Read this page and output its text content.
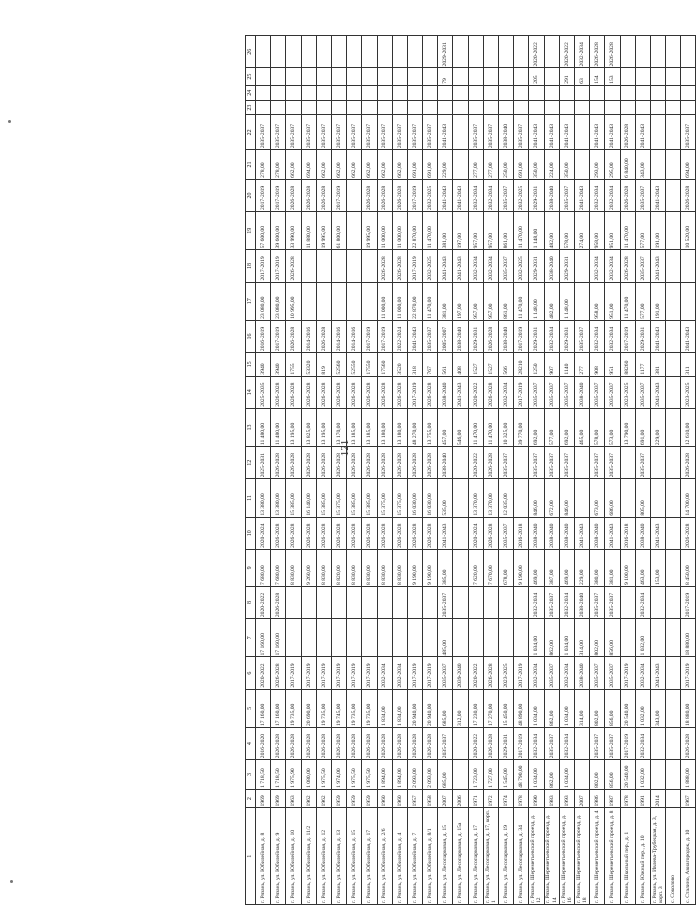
121
1	2	3	4	5	6	7	8	9	10	11	12	13	14	15	16	17	18	19	20	21	22	23	24	25	26
г. Рязань, ул. Юбилейная, д. 8	1969	1 718,50	2016-2020	17 160,00	2020-2022	17 160,00	2020-2022	7 680,00	2020-2024	13 380,00	2025-2031	11 480,00	2025-2035	3940	2016-2019	23 080,00	2017-2019	57 600,00	2017-2019	278,00	2035-2037				
г. Рязань, ул. Юбилейная, д. 9	1969	1 718,50	2026-2028	17 160,00	2026-2028	17 160,00	2026-2028	7 680,00	2026-2028	13 380,00	2026-2028	11 480,00	2026-2028	3940	2017-2019	23 080,00	2017-2019	39 600,00	2017-2019	278,00	2035-2037				
г. Рязань, ул. Юбилейная, д. 10	1963	1 975,90	2026-2028	19 735,00	2017-2019			8 830,00	2026-2028	15 385,00	2026-2028	13 195,00	2026-2028	1755	2026-2028	10 995,00	2026-2028	33 990,00	2026-2028	662,00	2035-2037				
г. Рязань, ул. Юбилейная, д. 11/2	1962	1 080,00	2026-2028	20 690,00	2017-2019			9 260,00	2026-2028	16 140,00	2026-2028	13 825,00	2026-2028	53320	2014-2016			11 880,00	2026-2028	694,00	2035-2037				
г. Рязань, ул. Юбилейная, д. 12	1962	1 975,50	2026-2028	19 735,00	2017-2019			8 830,00	2026-2028	15 385,00	2026-2028	13 195,00	2026-2028	819	2026-2028			19 995,00	2026-2028	662,00	2035-2037				
г. Рязань, ул. Юбилейная, д. 13	1959	1 974,00	2026-2028	19 745,00	2017-2019			8 820,00	2026-2028	15 375,00	2026-2028	13 170,00	2026-2028	52560	2014-2016			61 800,00	2017-2019	662,00	2035-2037				
г. Рязань, ул. Юбилейная, д. 15	1959	1 975,50	2026-2028	19 735,00	2017-2019			8 830,00	2026-2028	15 385,00	2026-2028	13 185,00	2026-2028	52550	2014-2016					662,00	2035-2037				
г. Рязань, ул. Юбилейная, д. 17	1959	1 975,50	2026-2028	19 735,00	2017-2019			8 830,00	2026-2028	15 385,00	2026-2028	13 185,00	2026-2028	17550	2017-2019			19 995,00	2026-2028	662,00	2035-2037				
г. Рязань, ул. Юбилейная, д. 2/6	1960	1 894,00	2026-2028	1 834,00	2032-2034			8 830,00	2026-2028	15 375,00	2026-2028	13 180,00	2026-2028	17560	2017-2019	11 000,00	2026-2028	11 000,00	2026-2028	662,00	2035-2037				
г. Рязань, ул. Юбилейная, д. 4	1960	1 894,00	2026-2028	1 834,00	2032-2034			8 830,00	2026-2028	15 375,00	2026-2028	13 180,00	2026-2028	3520	2022-2024	11 000,00	2026-2028	11 000,00	2026-2028	662,00	2035-2037				
г. Рязань, ул. Юбилейная, д. 7	1957	2 093,00	2026-2028	20 940,00	2017-2019			9 190,00	2026-2028	16 030,00	2026-2028	48 270,00	2017-2019	318	2041-2043	22 870,00	2017-2019	22 870,00	2017-2019	691,00	2035-2037				
г. Рязань, ул. Юбилейная, д. 8/1	1958	2 093,00	2026-2028	20 940,00	2017-2019			9 190,00	2026-2028	16 030,00	2026-2028	13 755,00	2026-2028	767	2035-2037	11 470,00	2032-2025	11 470,00	2032-2025	691,00	2035-2037				
г. Рязань, ул. Лесопарковая, д. 15	2007	685,00	2035-2037	685,00	2035-2037	485,00	2035-2037	385,00	2041-2043	535,00	2038-2040	457,00	2038-2040	561	2005-2007	381,00	2041-2043	381,00	2041-2043	229,00	2041-2043			79	2029-2031
г. Рязань, ул. Лесопарковая, д. 15а	2006			312,00	2039-2040							546,00	2041-2043	408	2038-2040	197,00	2041-2043	197,00	2041-2043						
г. Рязань, ул. Лесопарковая, д. 17	1971	1 723,00	2020-2022	17 230,00	2020-2022			7 620,00	2020-2024	13 370,00	2020-2022	11 470,00	2020-2022	1527	2029-2031	957,00	2032-2034	957,00	2032-2034	277,00	2035-2037				
г. Рязань, ул. Лесопарковая, д. 17, корп. 1	1972	1 727,00	2026-2028	17 270,00	2026-2028			7 670,00	2026-2028	13 370,00	2026-2028	11 470,00	2026-2028	1527	2026-2028	957,00	2032-2034	957,00	2032-2034	277,00	2035-2037				
г. Рязань, ул. Лесопарковая, д. 19	1974	1 545,00	2029-2031	15 450,00	2023-2025			678,00	2035-2037	12 035,00	2035-2037	10 325,00	2032-2034	566	2038-2040	861,00	2035-2037	861,00	2035-2037	250,00	2038-2040				
г. Рязань, ул. Лесопарковая, д. 34	1978	48 790,00	2017-2019	48 890,00	2017-2019			9 190,00	2016-2018			39 770,00	2017-2019	28210	2017-2019	11 470,00	2032-2025	11 470,00	2032-2025	691,00	2035-2037				
г. Рязань, Шереметьевский проезд, д. 12	1990	1 034,00	2032-2034	1 034,00	2032-2034	1 034,00	2032-2034	469,00	2038-2040	846,00	2035-2037	692,00	2035-2037	1250	2029-2031	1 148,00	2029-2031	1 148,00	2029-2031	350,00	2041-2043			205	2020-2022
г. Рязань, Шереметьевский проезд, д. 14	1983	862,00	2035-2037	862,00	2035-2037	862,00	2035-2037	387,00	2038-2040	672,00	2035-2037	577,00	2035-2037	907	2032-2034	482,00	2038-2040	482,00	2038-2040	224,00	2041-2043				
г. Рязань, Шереметьевский проезд, д. 16	1993	1 034,00	2032-2034	1 034,00	2032-2034	1 034,00	2032-2034	469,00	2038-2040	846,00	2035-2037	692,00	2035-2037	1140	2029-2031	1 148,00	2029-2031	578,00	2035-2037	350,00	2041-2043			291	2020-2022
г. Рязань, Шереметьевский проезд, д. 18	2007			314,00	2038-2040	314,00	2038-2040	229,00	2041-2043			465,00	2038-2040	277	2035-2037			274,00	2041-2043					63	2032-2034
г. Рязань, Шереметьевский проезд, д. 4	1986	802,00	2035-2037	802,00	2035-2037	802,00	2035-2037	380,00	2038-2040	673,00	2035-2037	578,00	2035-2037	908	2032-2034	958,00	2032-2034	958,00	2032-2034	293,00	2041-2043			154	2026-2028
г. Рязань, Шереметьевский проезд, д. 8	1987	856,00	2035-2037	856,00	2035-2037	856,00	2035-2037	381,00	2041-2043	686,00	2035-2037	573,00	2035-2037	951	2032-2034	951,00	2032-2034	951,00	2032-2034	295,00	2041-2043			153	2026-2028
г. Рязань, Школьный пер., д. 1	1978	20 540,00	2017-2019	20 540,00	2017-2019			9 100,00	2016-2018			13 790,00	2023-2025	88260	2017-2019	11 470,00	2026-2028	11 470,00	2026-2028	6 840,00	2026-2028				
г. Рязань, Южный пер., д. 10	1991	1 032,00	2032-2034	1 032,00	2032-2034	1 032,00	2032-2034	463,00	2038-2040	805,00	2035-2037	691,00	2035-2037	1177	2029-2031	577,00	2035-2037	577,00	2035-2037	343,00	2041-2043				
г. Рязань, ул. Ивлева-Трубецкая, д. 3, корп. 3	2014			343,00	2041-2043			153,00	2041-2043			229,00	2041-2043	381	2041-2043	191,00	2041-2043	191,00	2041-2043						
с. Соколово																									
с. Сталино, Авиагородок, д. 10	1967	1 888,00	2026-2028	18 880,00	2017-2019	18 880,00	2017-2019	8 450,00	2026-2028	14 700,00	2026-2028	12 610,00	2023-2025	311	2041-2043			10 520,00	2026-2028	694,00	2035-2037				
